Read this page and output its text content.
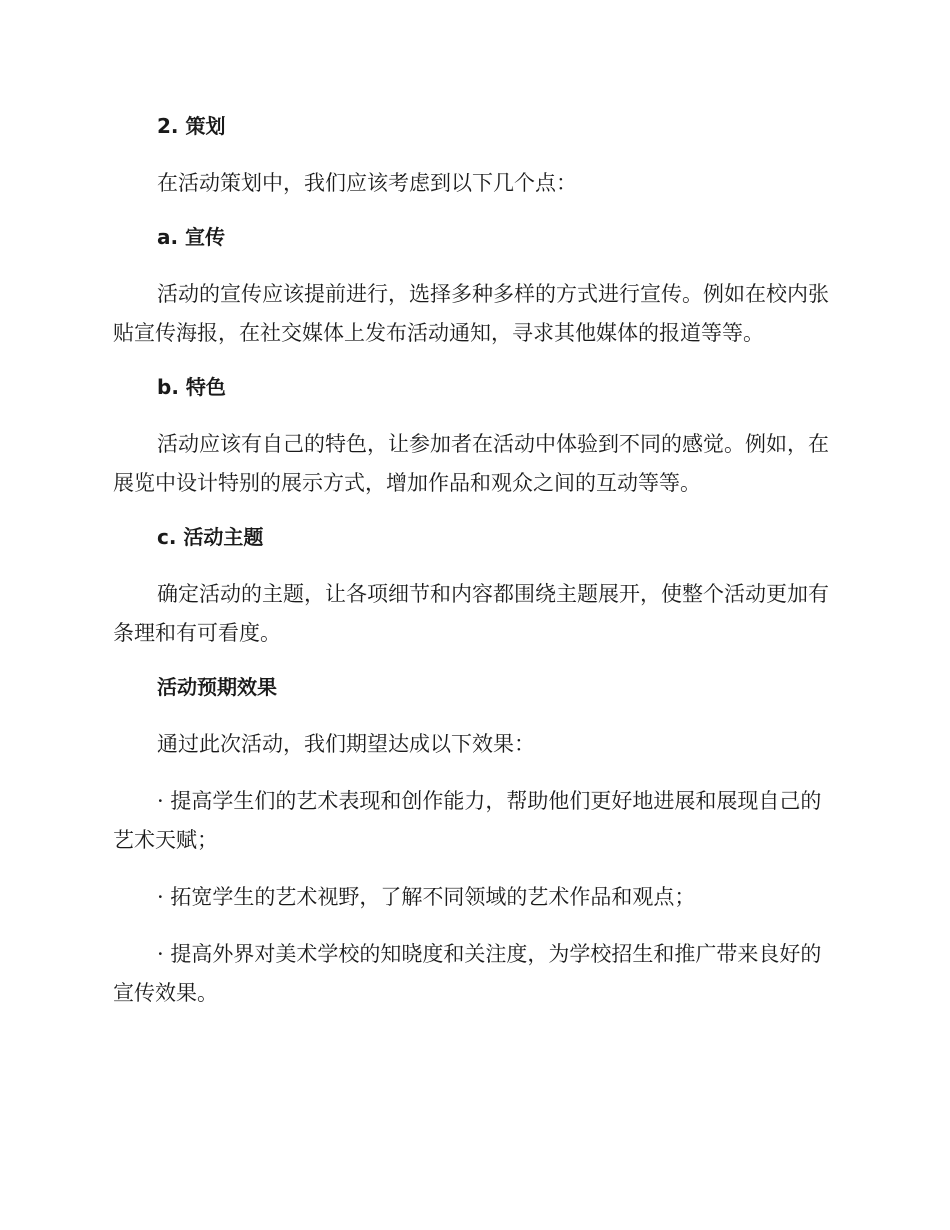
2. 策划

在活动策划中，我们应该考虑到以下几个点：

a. 宣传

活动的宣传应该提前进行，选择多种多样的方式进行宣传。例如在校内张贴宣传海报，在社交媒体上发布活动通知，寻求其他媒体的报道等等。

b. 特色

活动应该有自己的特色，让参加者在活动中体验到不同的感觉。例如，在展览中设计特别的展示方式，增加作品和观众之间的互动等等。

c. 活动主题

确定活动的主题，让各项细节和内容都围绕主题展开，使整个活动更加有条理和有可看度。

活动预期效果

通过此次活动，我们期望达成以下效果：

· 提高学生们的艺术表现和创作能力，帮助他们更好地进展和展现自己的艺术天赋；

· 拓宽学生的艺术视野，了解不同领域的艺术作品和观点；

· 提高外界对美术学校的知晓度和关注度，为学校招生和推广带来良好的宣传效果。
